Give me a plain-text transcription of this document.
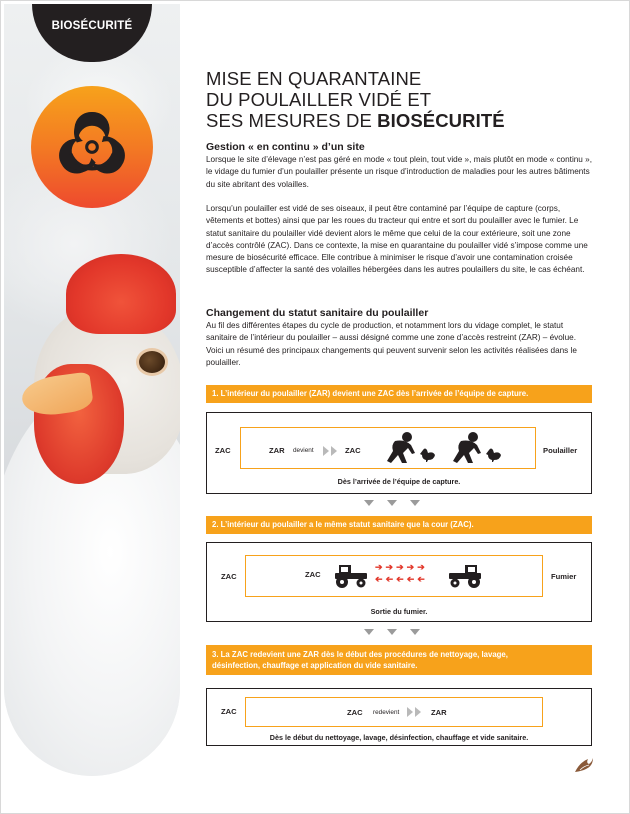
BIOSÉCURITÉ
MISE EN QUARANTAINE
DU POULAILLER VIDÉ ET
SES MESURES DE BIOSÉCURITÉ
Gestion « en continu » d’un site
Lorsque le site d’élevage n’est pas géré en mode « tout plein, tout vide », mais plutôt en mode « continu », le vidage du fumier d’un poulailler présente un risque d’introduction de maladies pour les autres bâtiments du site abritant des volailles.
Lorsqu’un poulailler est vidé de ses oiseaux, il peut être contaminé par l’équipe de capture (corps, vêtements et bottes) ainsi que par les roues du tracteur qui entre et sort du poulailler avec le fumier. Le statut sanitaire du poulailler vidé devient alors le même que celui de la cour extérieure, soit une zone d’accès contrôlé (ZAC). Dans ce contexte, la mise en quarantaine du poulailler vidé s’impose comme une mesure de biosécurité efficace. Elle contribue à minimiser le risque d’avoir une contamination croisée susceptible d’affecter la santé des volailles hébergées dans les autres poulaillers du site, le cas échéant.
Changement du statut sanitaire du poulailler
Au fil des différentes étapes du cycle de production, et notamment lors du vidage complet, le statut sanitaire de l’intérieur du poulailler – aussi désigné comme une zone d’accès restreint (ZAR) – évolue. Voici un résumé des principaux changements qui peuvent survenir selon les activités réalisées dans le poulailler.
1. L’intérieur du poulailler (ZAR) devient une ZAC dès l’arrivée de l’équipe de capture.
ZAC	Poulailler
ZAR devient	ZAC
Dès l’arrivée de l’équipe de capture.
2. L’intérieur du poulailler a le même statut sanitaire que la cour (ZAC).
ZAC	Fumier
ZAC
➔ ➔ ➔ ➔ ➔
➔
➔
➔
➔
➔
Sortie du fumier.
3. La ZAC redevient une ZAR dès le début des procédures de nettoyage, lavage,
désinfection, chauffage et application du vide sanitaire.
ZAC	ZAC redevient	ZAR
Dès le début du nettoyage, lavage, désinfection, chauffage et vide sanitaire.
